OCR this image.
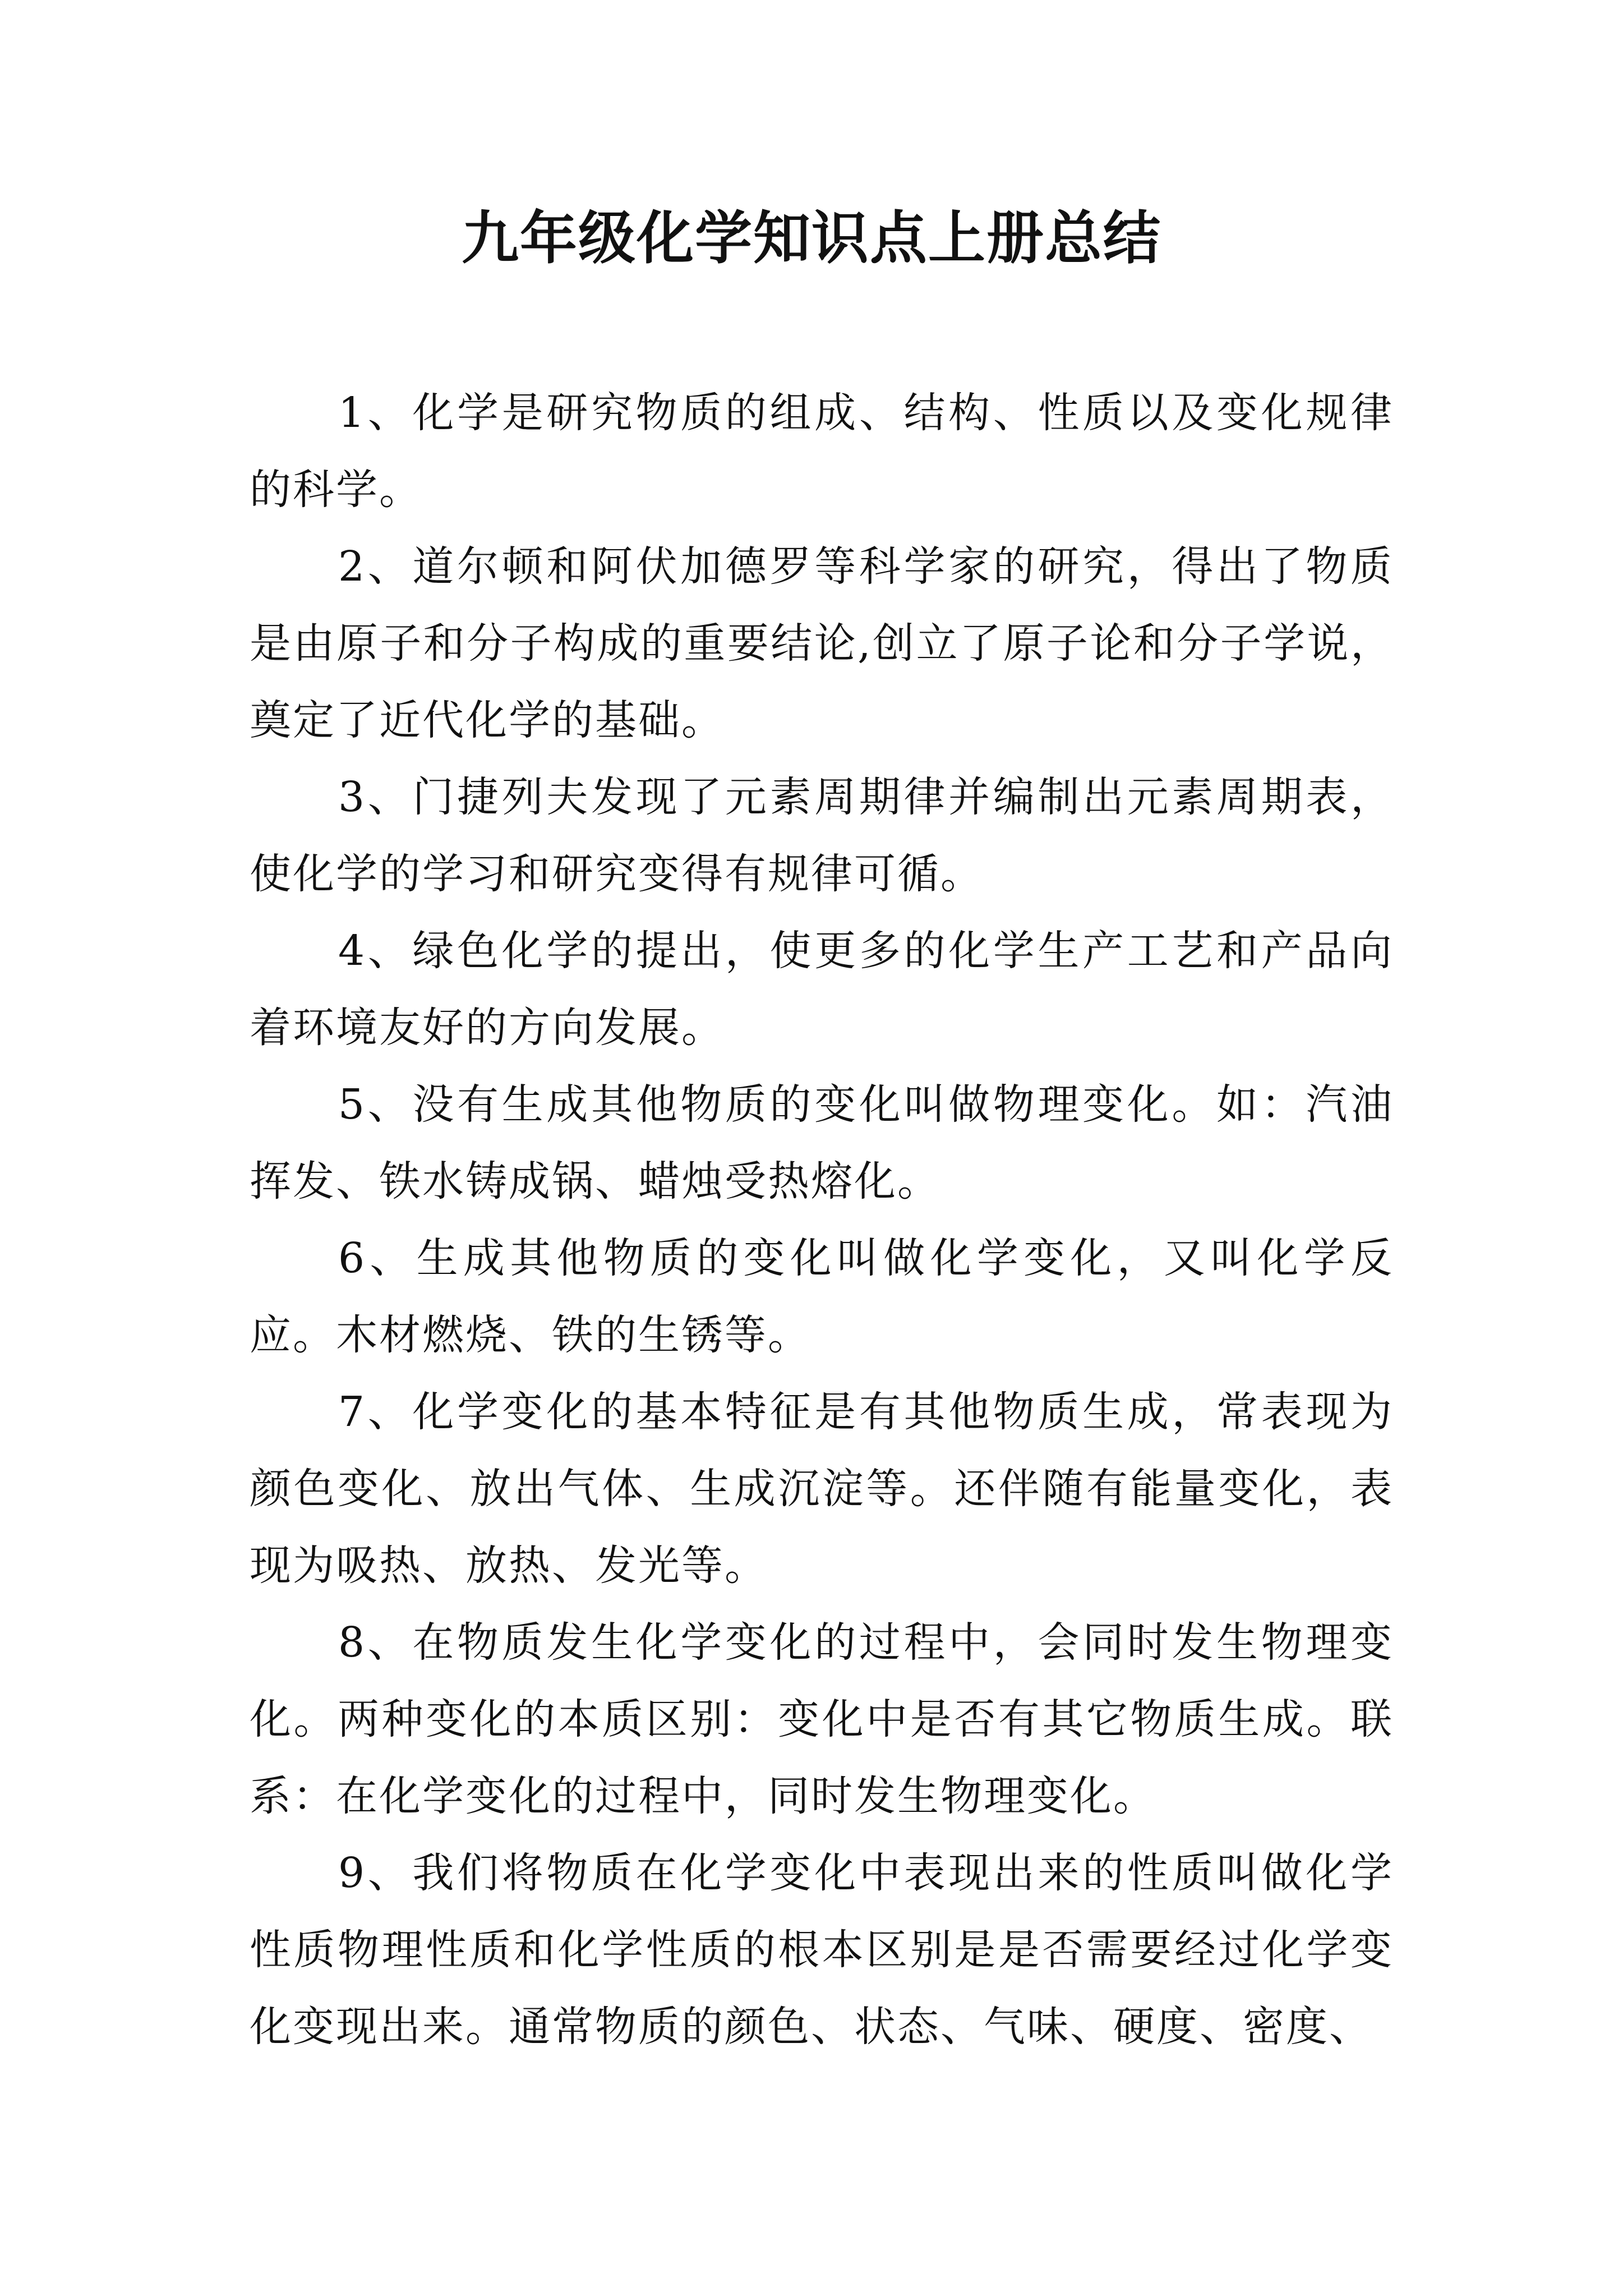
九年级化学知识点上册总结

1、化学是研究物质的组成、结构、性质以及变化规律的科学。

2、道尔顿和阿伏加德罗等科学家的研究，得出了物质是由原子和分子构成的重要结论,创立了原子论和分子学说，奠定了近代化学的基础。

3、门捷列夫发现了元素周期律并编制出元素周期表，使化学的学习和研究变得有规律可循。

4、绿色化学的提出，使更多的化学生产工艺和产品向着环境友好的方向发展。

5、没有生成其他物质的变化叫做物理变化。如：汽油挥发、铁水铸成锅、蜡烛受热熔化。

6、生成其他物质的变化叫做化学变化，又叫化学反应。木材燃烧、铁的生锈等。

7、化学变化的基本特征是有其他物质生成，常表现为颜色变化、放出气体、生成沉淀等。还伴随有能量变化，表现为吸热、放热、发光等。

8、在物质发生化学变化的过程中，会同时发生物理变化。两种变化的本质区别：变化中是否有其它物质生成。联系：在化学变化的过程中，同时发生物理变化。

9、我们将物质在化学变化中表现出来的性质叫做化学性质物理性质和化学性质的根本区别是是否需要经过化学变化变现出来。通常物质的颜色、状态、气味、硬度、密度、
